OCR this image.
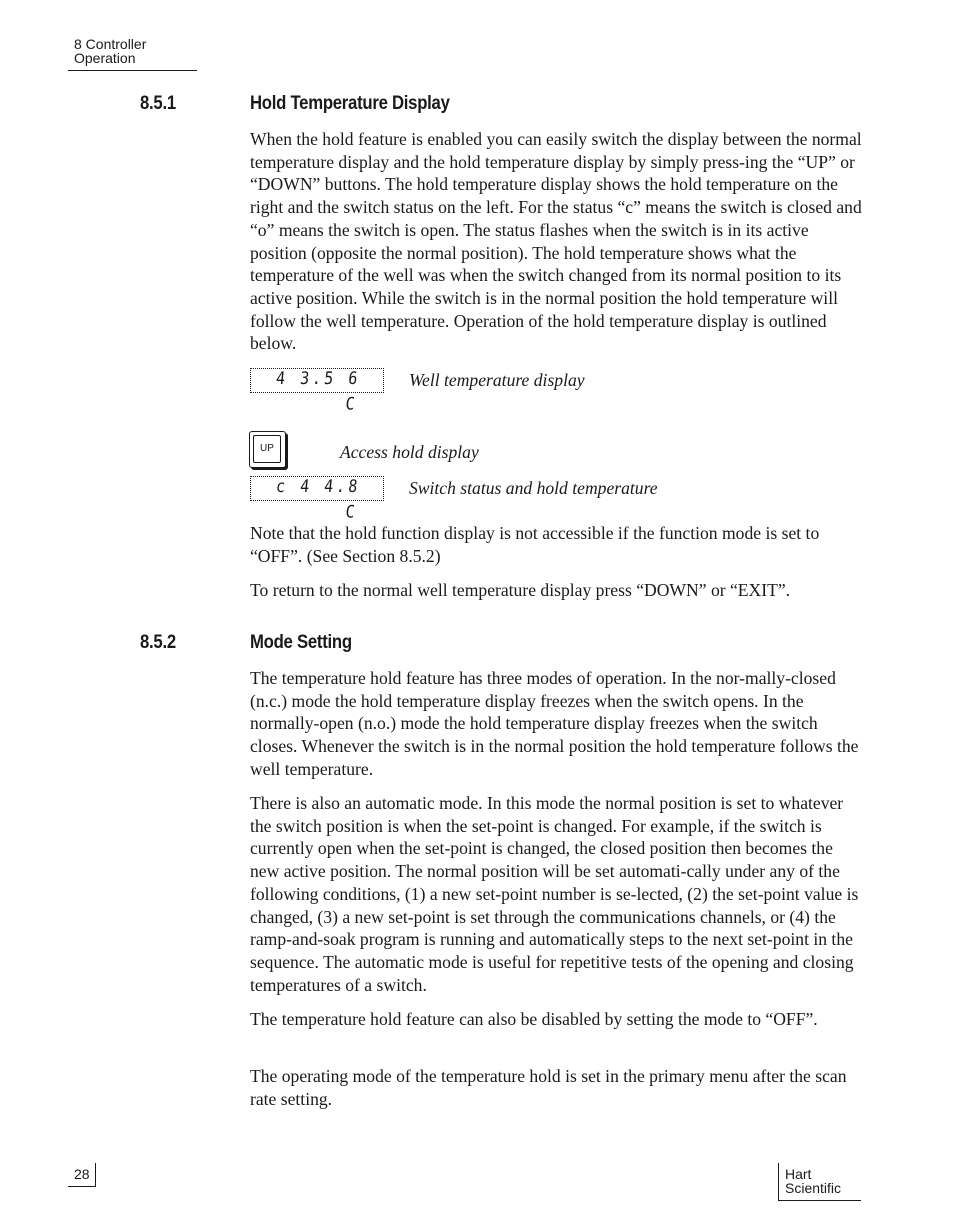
8 Controller Operation
8.5.1	Hold Temperature Display

When the hold feature is enabled you can easily switch the display between the normal temperature display and the hold temperature display by simply press-ing the “UP” or “DOWN” buttons. The hold temperature display shows the hold temperature on the right and the switch status on the left. For the status “c” means the switch is closed and “o” means the switch is open. The status flashes when the switch is in its active position (opposite the normal position). The hold temperature shows what the temperature of the well was when the switch changed from its normal position to its active position. While the switch is in the normal position the hold temperature will follow the well temperature. Operation of the hold temperature display is outlined below.

4 3.5 6 C
Well temperature display
UP	Access hold display
c 4 4.8 C
Switch status and hold temperature

Note that the hold function display is not accessible if the function mode is set to “OFF”. (See Section 8.5.2)

To return to the normal well temperature display press “DOWN” or “EXIT”.

8.5.2	Mode Setting

The temperature hold feature has three modes of operation. In the nor-mally-closed (n.c.) mode the hold temperature display freezes when the switch opens. In the normally-open (n.o.) mode the hold temperature display freezes when the switch closes. Whenever the switch is in the normal position the hold temperature follows the well temperature.

There is also an automatic mode. In this mode the normal position is set to whatever the switch position is when the set-point is changed. For example, if the switch is currently open when the set-point is changed, the closed position then becomes the new active position. The normal position will be set automati-cally under any of the following conditions, (1) a new set-point number is se-lected, (2) the set-point value is changed, (3) a new set-point is set through the communications channels, or (4) the ramp-and-soak program is running and automatically steps to the next set-point in the sequence. The automatic mode is useful for repetitive tests of the opening and closing temperatures of a switch.

The temperature hold feature can also be disabled by setting the mode to “OFF”.

The operating mode of the temperature hold is set in the primary menu after the scan rate setting.

28	Hart Scientific
